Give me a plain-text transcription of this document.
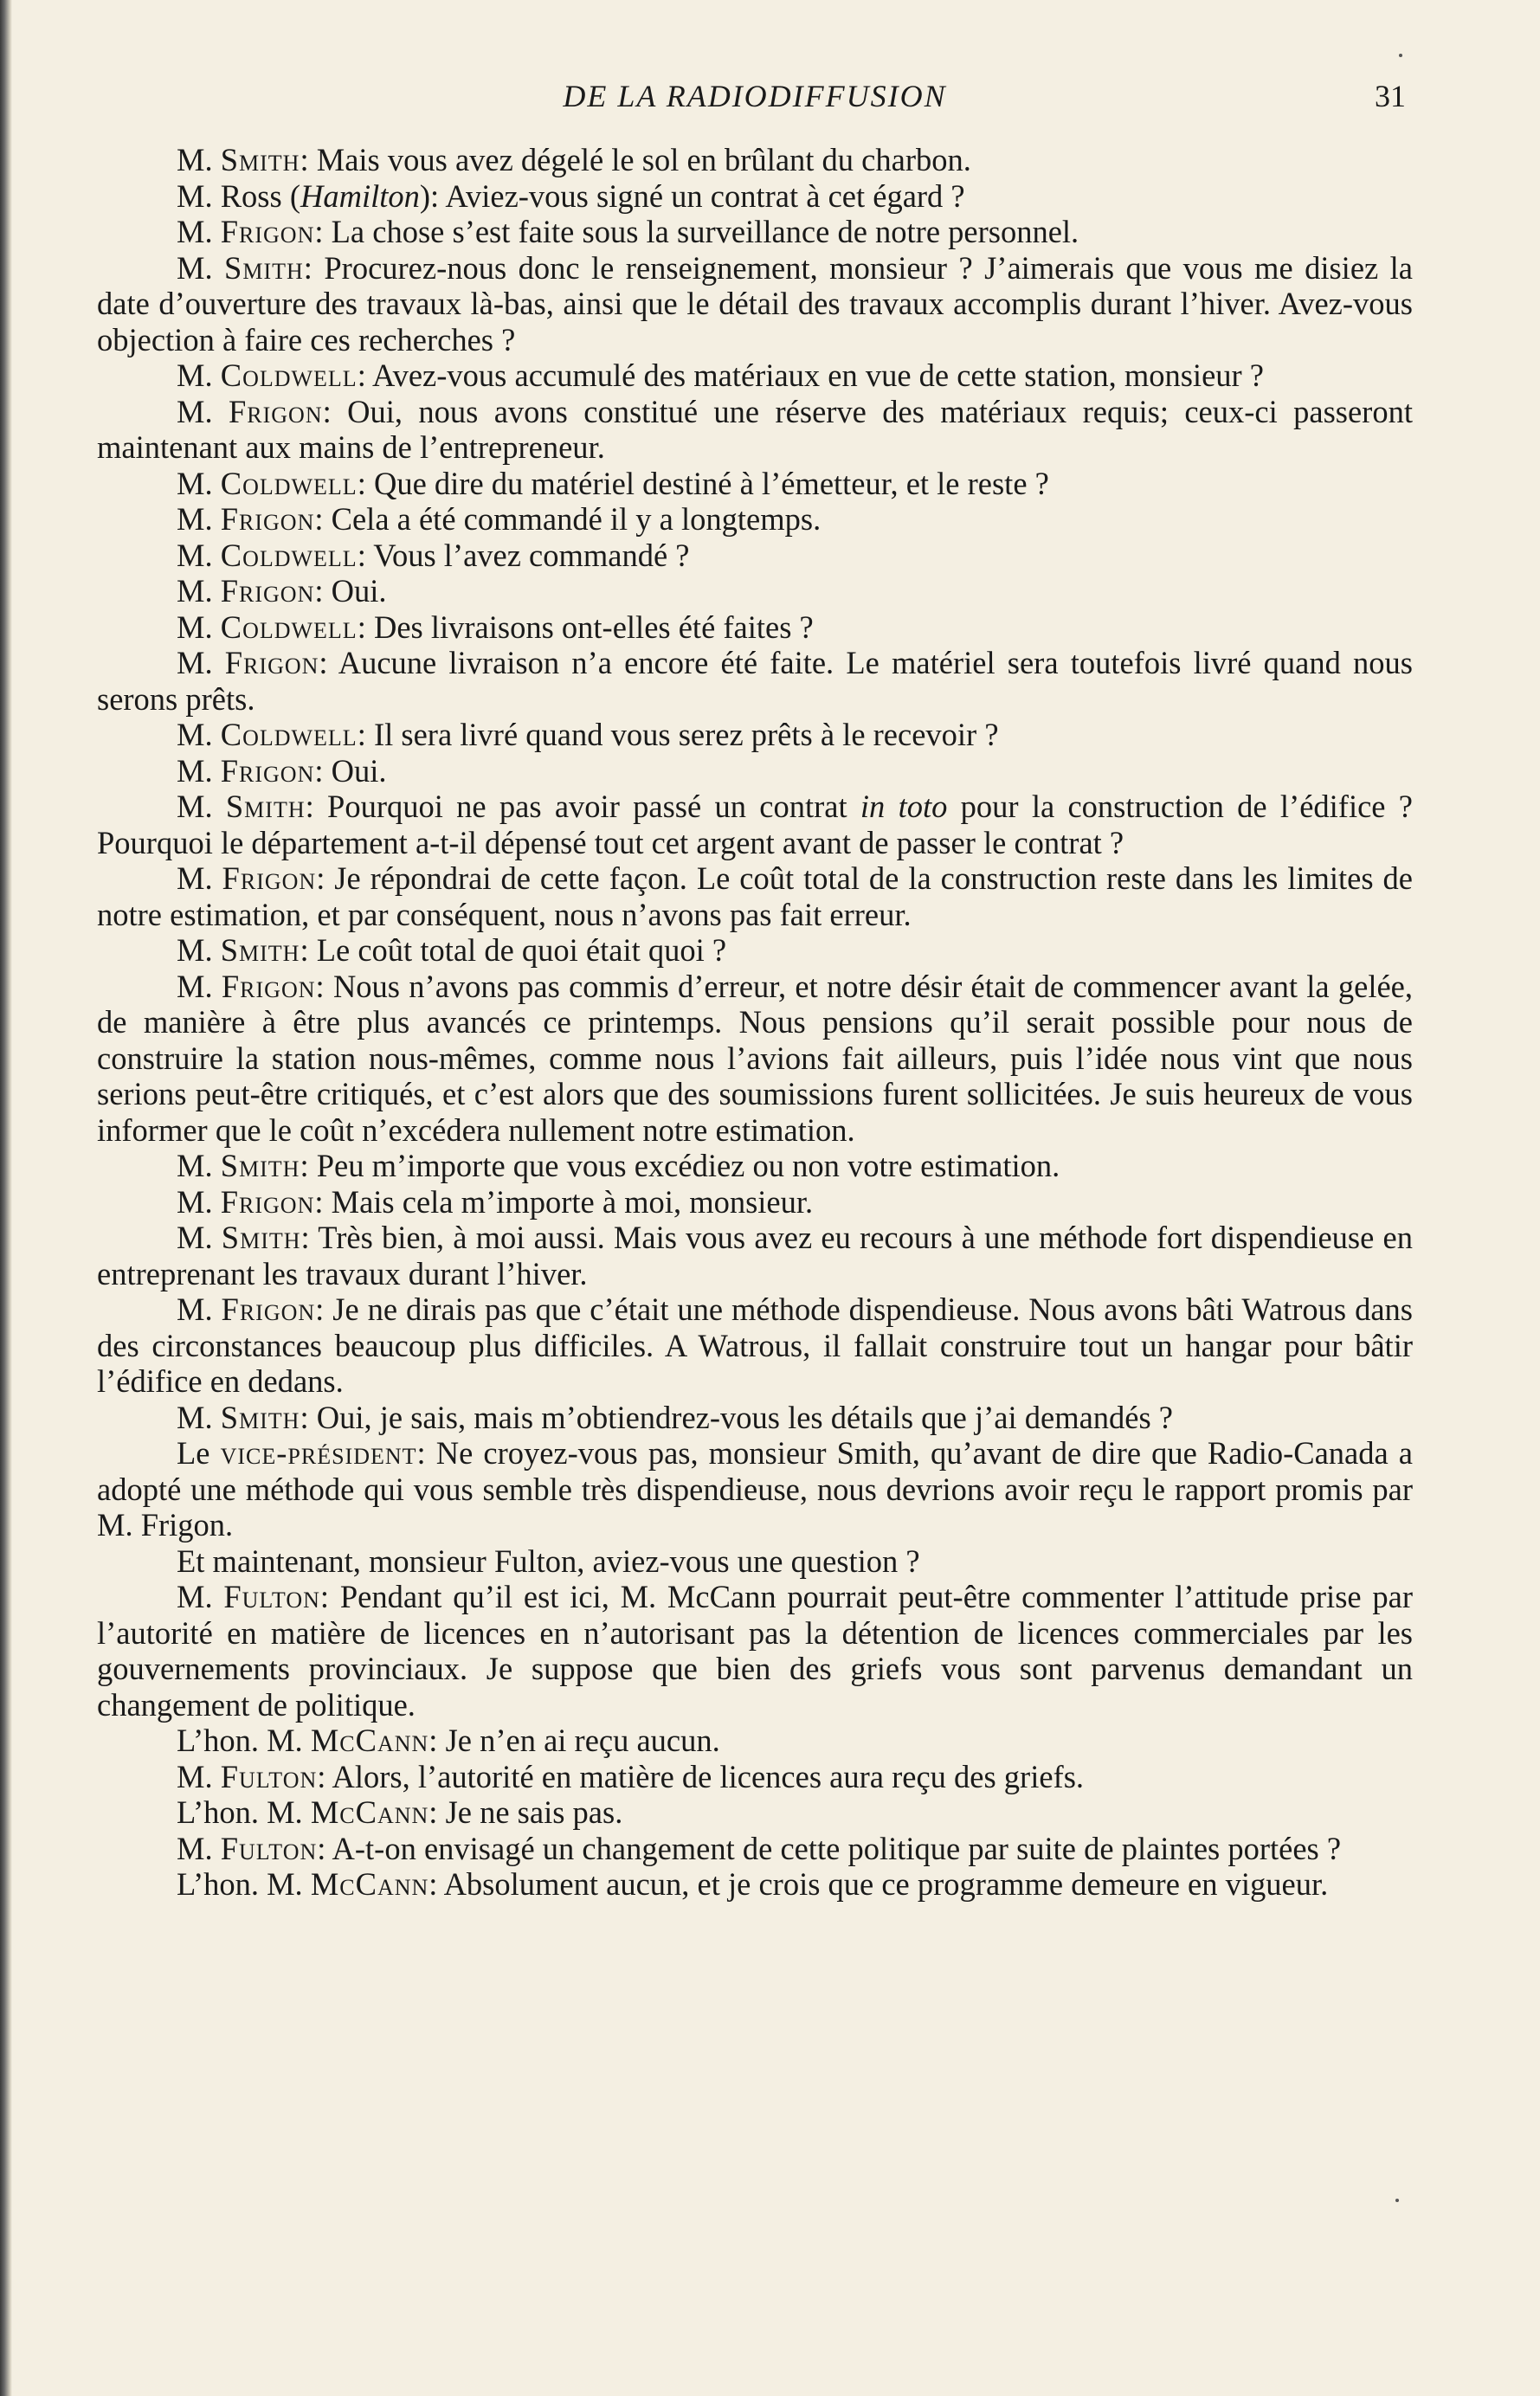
DE LA RADIODIFFUSION	31

M. Smith: Mais vous avez dégelé le sol en brûlant du charbon.

M. Ross (Hamilton): Aviez-vous signé un contrat à cet égard ?

M. Frigon: La chose s’est faite sous la surveillance de notre personnel.

M. Smith: Procurez-nous donc le renseignement, monsieur ? J’aimerais que vous me disiez la date d’ouverture des travaux là-bas, ainsi que le détail des travaux accomplis durant l’hiver. Avez-vous objection à faire ces recherches ?

M. Coldwell: Avez-vous accumulé des matériaux en vue de cette station, monsieur ?

M. Frigon: Oui, nous avons constitué une réserve des matériaux requis; ceux-ci passeront maintenant aux mains de l’entrepreneur.

M. Coldwell: Que dire du matériel destiné à l’émetteur, et le reste ?

M. Frigon: Cela a été commandé il y a longtemps.

M. Coldwell: Vous l’avez commandé ?

M. Frigon: Oui.

M. Coldwell: Des livraisons ont-elles été faites ?

M. Frigon: Aucune livraison n’a encore été faite. Le matériel sera toutefois livré quand nous serons prêts.

M. Coldwell: Il sera livré quand vous serez prêts à le recevoir ?

M. Frigon: Oui.

M. Smith: Pourquoi ne pas avoir passé un contrat in toto pour la construction de l’édifice ? Pourquoi le département a-t-il dépensé tout cet argent avant de passer le contrat ?

M. Frigon: Je répondrai de cette façon. Le coût total de la construction reste dans les limites de notre estimation, et par conséquent, nous n’avons pas fait erreur.

M. Smith: Le coût total de quoi était quoi ?

M. Frigon: Nous n’avons pas commis d’erreur, et notre désir était de commencer avant la gelée, de manière à être plus avancés ce printemps. Nous pensions qu’il serait possible pour nous de construire la station nous-mêmes, comme nous l’avions fait ailleurs, puis l’idée nous vint que nous serions peut-être critiqués, et c’est alors que des soumissions furent sollicitées. Je suis heureux de vous informer que le coût n’excédera nullement notre estimation.

M. Smith: Peu m’importe que vous excédiez ou non votre estimation.

M. Frigon: Mais cela m’importe à moi, monsieur.

M. Smith: Très bien, à moi aussi. Mais vous avez eu recours à une méthode fort dispendieuse en entreprenant les travaux durant l’hiver.

M. Frigon: Je ne dirais pas que c’était une méthode dispendieuse. Nous avons bâti Watrous dans des circonstances beaucoup plus difficiles. A Watrous, il fallait construire tout un hangar pour bâtir l’édifice en dedans.

M. Smith: Oui, je sais, mais m’obtiendrez-vous les détails que j’ai demandés ?

Le vice-président: Ne croyez-vous pas, monsieur Smith, qu’avant de dire que Radio-Canada a adopté une méthode qui vous semble très dispendieuse, nous devrions avoir reçu le rapport promis par M. Frigon.

Et maintenant, monsieur Fulton, aviez-vous une question ?

M. Fulton: Pendant qu’il est ici, M. McCann pourrait peut-être commenter l’attitude prise par l’autorité en matière de licences en n’autorisant pas la détention de licences commerciales par les gouvernements provinciaux. Je suppose que bien des griefs vous sont parvenus demandant un changement de politique.

L’hon. M. McCann: Je n’en ai reçu aucun.

M. Fulton: Alors, l’autorité en matière de licences aura reçu des griefs.

L’hon. M. McCann: Je ne sais pas.

M. Fulton: A-t-on envisagé un changement de cette politique par suite de plaintes portées ?

L’hon. M. McCann: Absolument aucun, et je crois que ce programme demeure en vigueur.
